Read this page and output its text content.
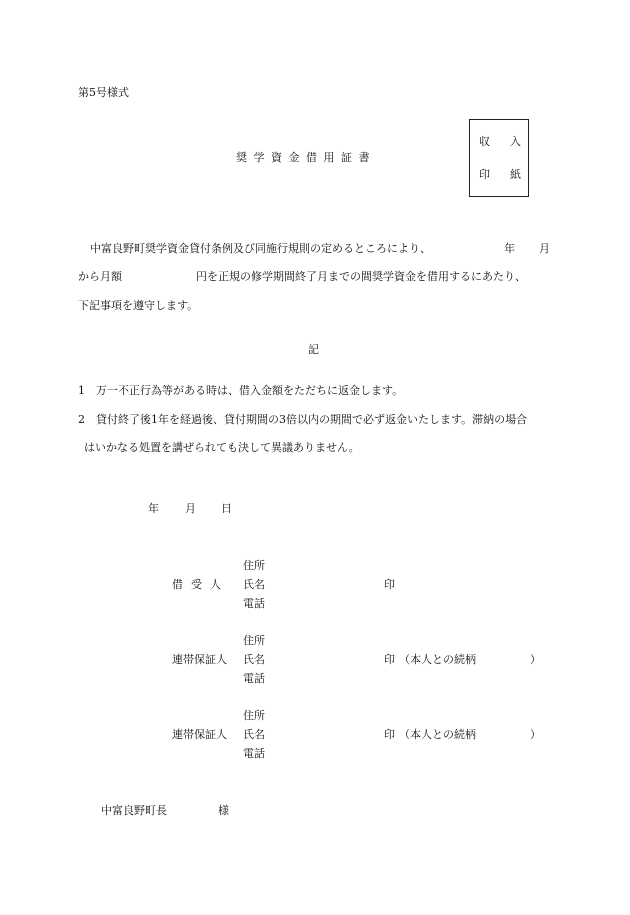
第5号様式
奨学資金借用証書
収 入
印 紙
中富良野町奨学資金貸付条例及び同施行規則の定めるところにより、	年 月
から月額	円を正規の修学期間終了月までの間奨学資金を借用するにあたり、
下記事項を遵守します。
記
1 万一不正行為等がある時は、借入金額をただちに返金します。
2 貸付終了後1年を経過後、貸付期間の3倍以内の期間で必ず返金いたします。滞納の場合
はいかなる処置を講ぜられても決して異議ありません。
年 月 日
住所
借受人 氏名	印
電話
住所
連帯保証人 氏名	印 （本人との続柄	）
電話
住所
連帯保証人 氏名	印 （本人との続柄	）
電話
中富良野町長	様
